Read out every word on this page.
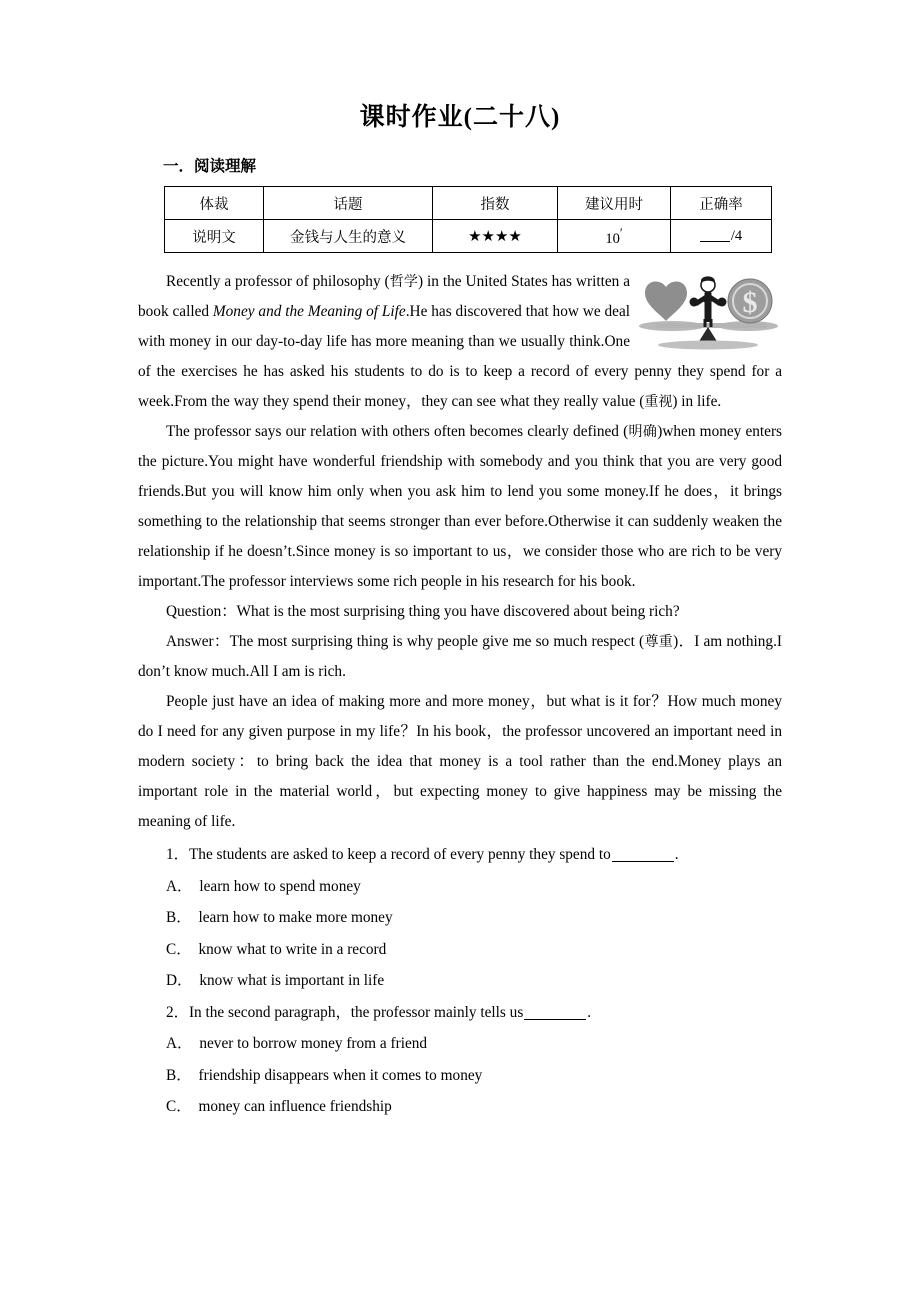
课时作业(二十八)
一．阅读理解
体裁	话题	指数	建议用时	正确率
说明文	金钱与人生的意义	★★★★	10′	/4
$

Recently a professor of philosophy (哲学) in the United States has written a book called Money and the Meaning of Life.He has discovered that how we deal with money in our day-to-day life has more meaning than we usually think.One of the exercises he has asked his students to do is to keep a record of every penny they spend for a week.From the way they spend their money，they can see what they really value (重视) in life.

The professor says our relation with others often becomes clearly defined (明确)when money enters the picture.You might have wonderful friendship with somebody and you think that you are very good friends.But you will know him only when you ask him to lend you some money.If he does，it brings something to the relationship that seems stronger than ever before.Otherwise it can suddenly weaken the relationship if he doesn’t.Since money is so important to us，we consider those who are rich to be very important.The professor interviews some rich people in his research for his book.

Question：What is the most surprising thing you have discovered about being rich?

Answer：The most surprising thing is why people give me so much respect (尊重)．I am nothing.I don’t know much.All I am is rich.

People just have an idea of making more and more money，but what is it for？How much money do I need for any given purpose in my life？In his book，the professor uncovered an important need in modern society：to bring back the idea that money is a tool rather than the end.Money plays an important role in the material world，but expecting money to give happiness may be missing the meaning of life.

1．The students are asked to keep a record of every penny they spend to	.

A． learn how to spend money

B． learn how to make more money

C． know what to write in a record

D． know what is important in life

2．In the second paragraph，the professor mainly tells us	.

A． never to borrow money from a friend

B． friendship disappears when it comes to money

C． money can influence friendship
